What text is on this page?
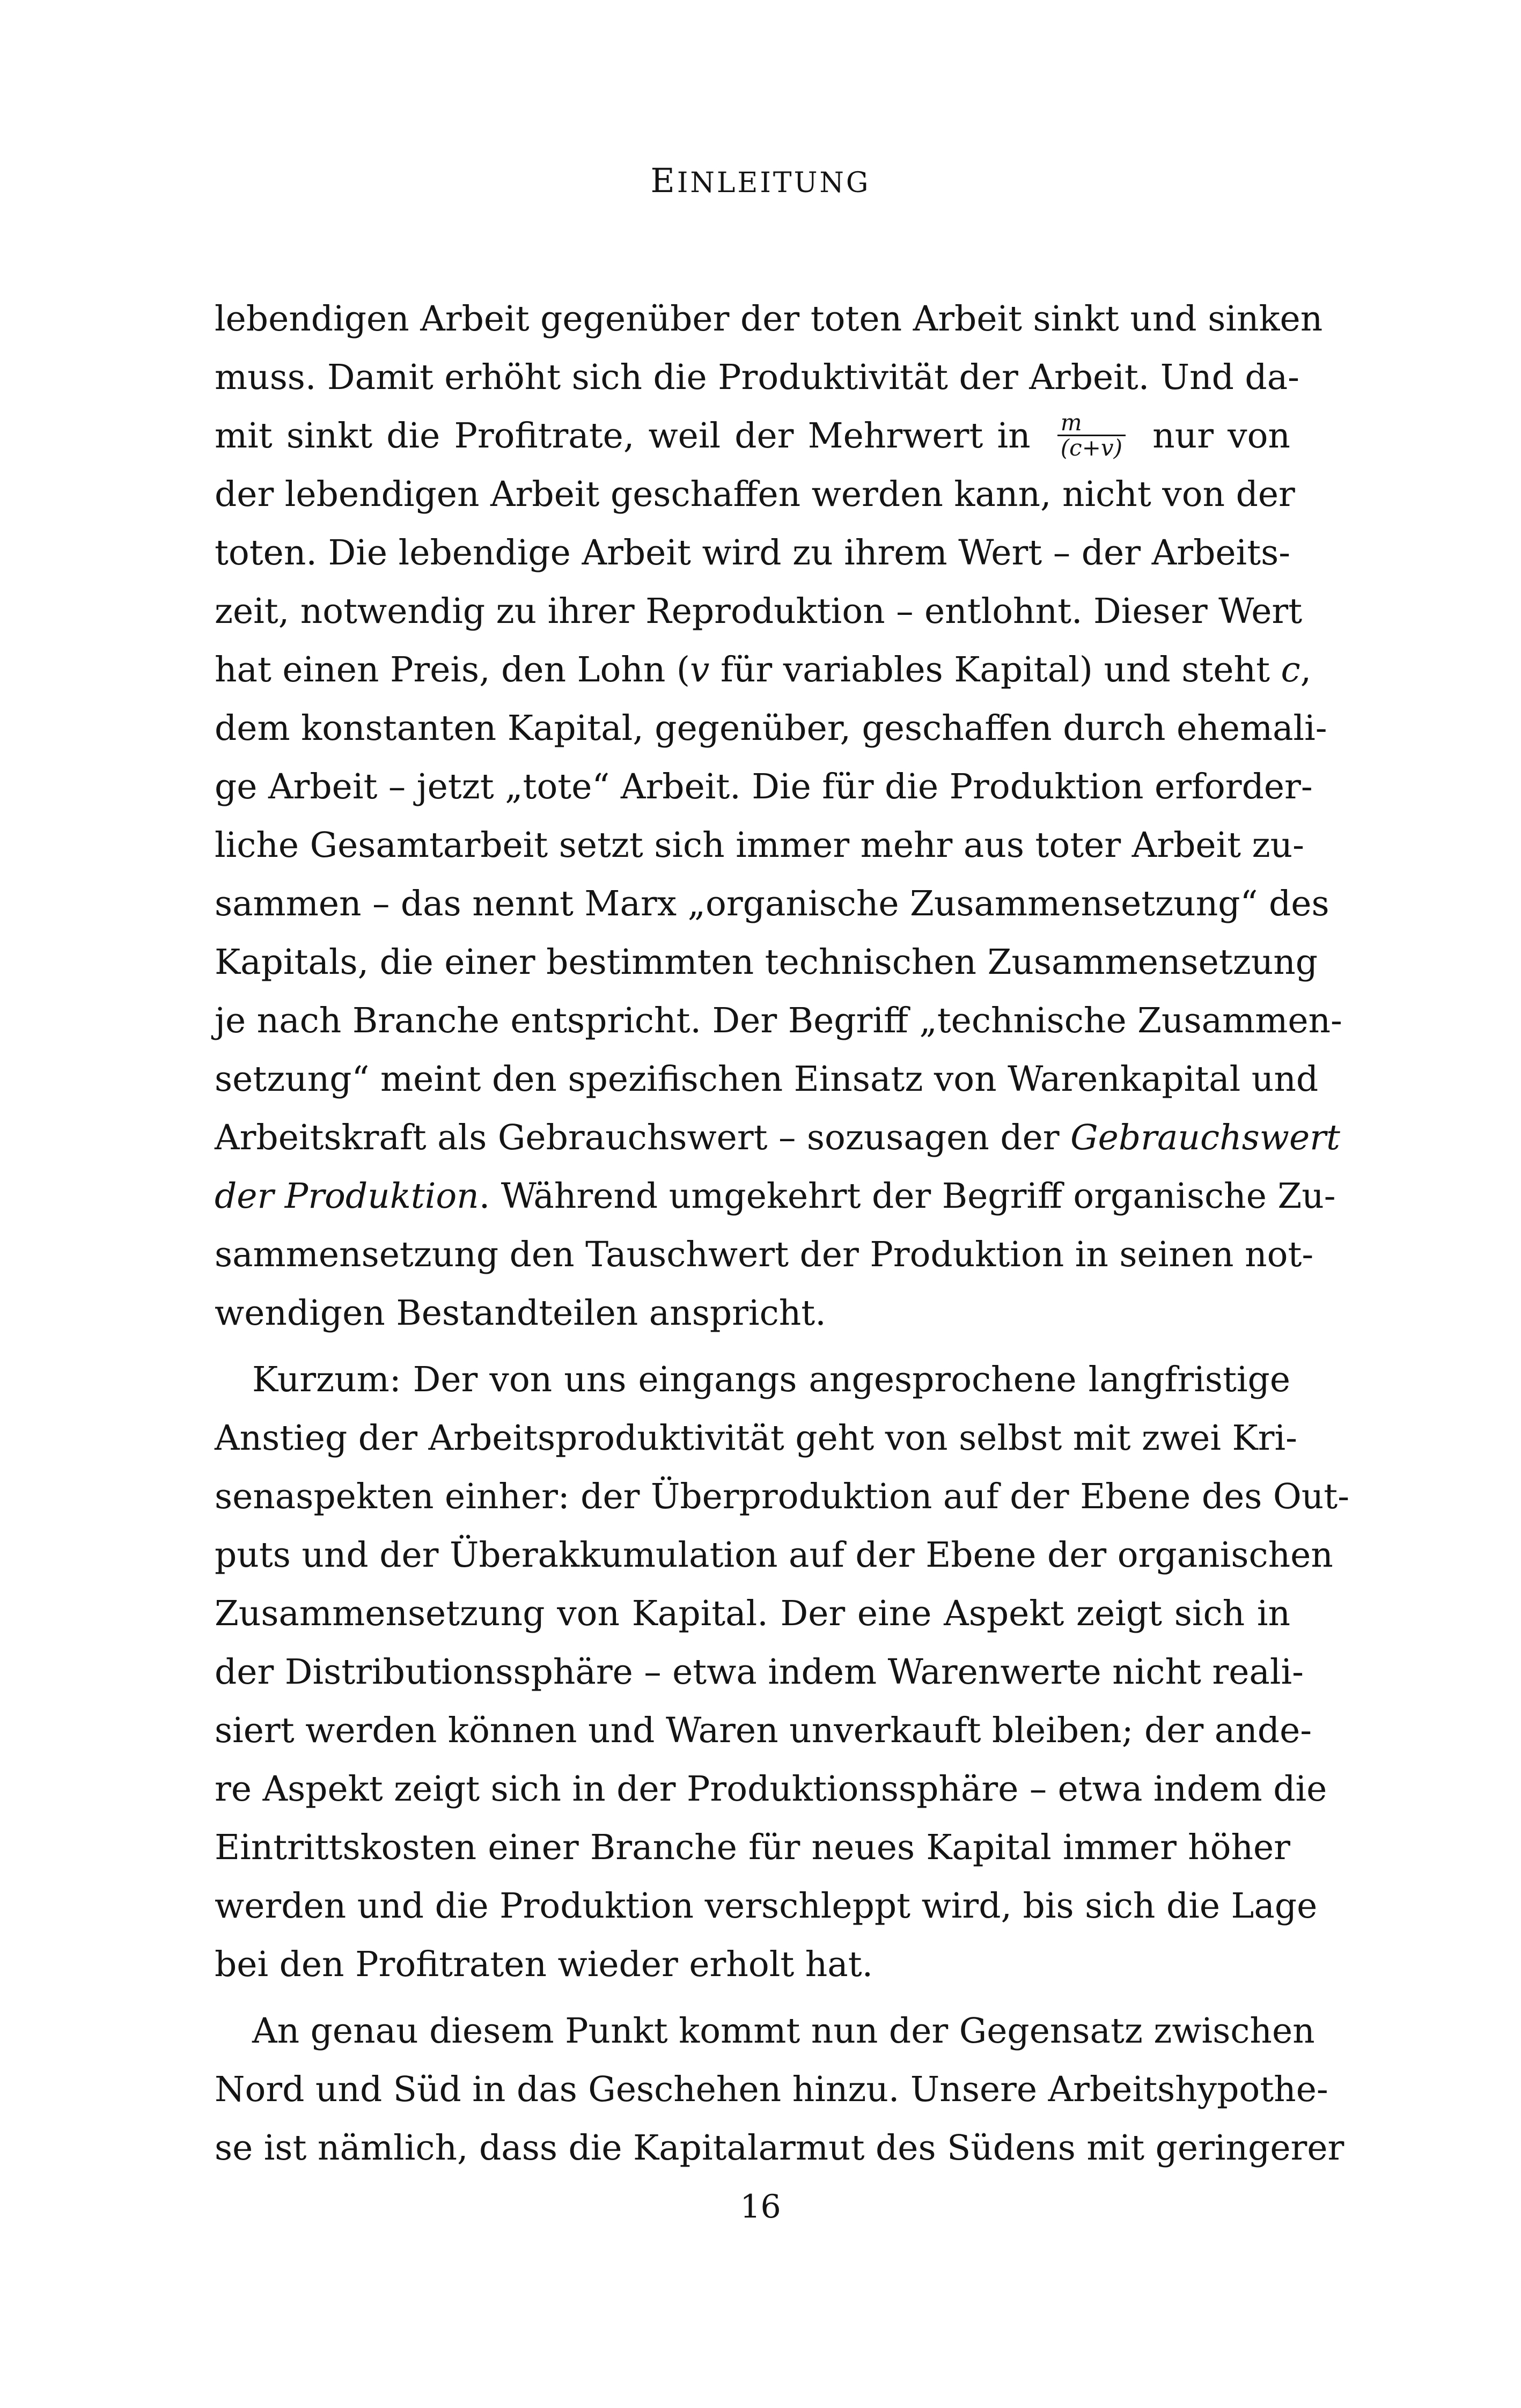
EINLEITUNG
lebendigen Arbeit gegenüber der toten Arbeit sinkt und sinken
muss. Damit erhöht sich die Produktivität der Arbeit. Und da-
mit sinkt die Profitrate, weil der Mehrwert in $\frac{m}{(c+v)}$ nur von
der lebendigen Arbeit geschaffen werden kann, nicht von der
toten. Die lebendige Arbeit wird zu ihrem Wert – der Arbeits-
zeit, notwendig zu ihrer Reproduktion – entlohnt. Dieser Wert
hat einen Preis, den Lohn (v für variables Kapital) und steht c,
dem konstanten Kapital, gegenüber, geschaffen durch ehemali-
ge Arbeit – jetzt „tote“ Arbeit. Die für die Produktion erforder-
liche Gesamtarbeit setzt sich immer mehr aus toter Arbeit zu-
sammen – das nennt Marx „organische Zusammensetzung“ des
Kapitals, die einer bestimmten technischen Zusammensetzung
je nach Branche entspricht. Der Begriff „technische Zusammen-
setzung“ meint den spezifischen Einsatz von Warenkapital und
Arbeitskraft als Gebrauchswert – sozusagen der Gebrauchswert
der Produktion. Während umgekehrt der Begriff organische Zu-
sammensetzung den Tauschwert der Produktion in seinen not-
wendigen Bestandteilen anspricht.
Kurzum: Der von uns eingangs angesprochene langfristige
Anstieg der Arbeitsproduktivität geht von selbst mit zwei Kri-
senaspekten einher: der Überproduktion auf der Ebene des Out-
puts und der Überakkumulation auf der Ebene der organischen
Zusammensetzung von Kapital. Der eine Aspekt zeigt sich in
der Distributionssphäre – etwa indem Warenwerte nicht reali-
siert werden können und Waren unverkauft bleiben; der ande-
re Aspekt zeigt sich in der Produktionssphäre – etwa indem die
Eintrittskosten einer Branche für neues Kapital immer höher
werden und die Produktion verschleppt wird, bis sich die Lage
bei den Profitraten wieder erholt hat.
An genau diesem Punkt kommt nun der Gegensatz zwischen
Nord und Süd in das Geschehen hinzu. Unsere Arbeitshypothe-
se ist nämlich, dass die Kapitalarmut des Südens mit geringerer
16
